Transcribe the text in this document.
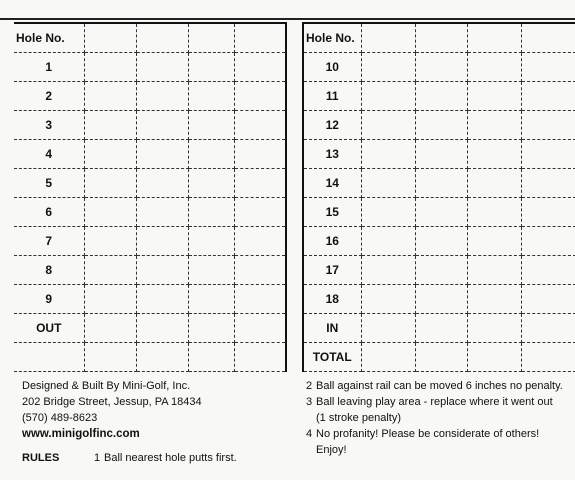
Hole No.				
1				
2				
3				
4				
5				
6				
7				
8				
9				
OUT				

Hole No.				
10				
11				
12				
13				
14				
15				
16				
17				
18				
IN				
TOTAL				
Designed & Built By Mini-Golf, Inc.
202 Bridge Street, Jessup, PA 18434
(570) 489-8623
www.minigolfinc.com
RULES	1 Ball nearest hole putts first.
2 Ball against rail can be moved 6 inches no penalty.
3 Ball leaving play area - replace where it went out
(1 stroke penalty)
4 No profanity! Please be considerate of others!
Enjoy!
